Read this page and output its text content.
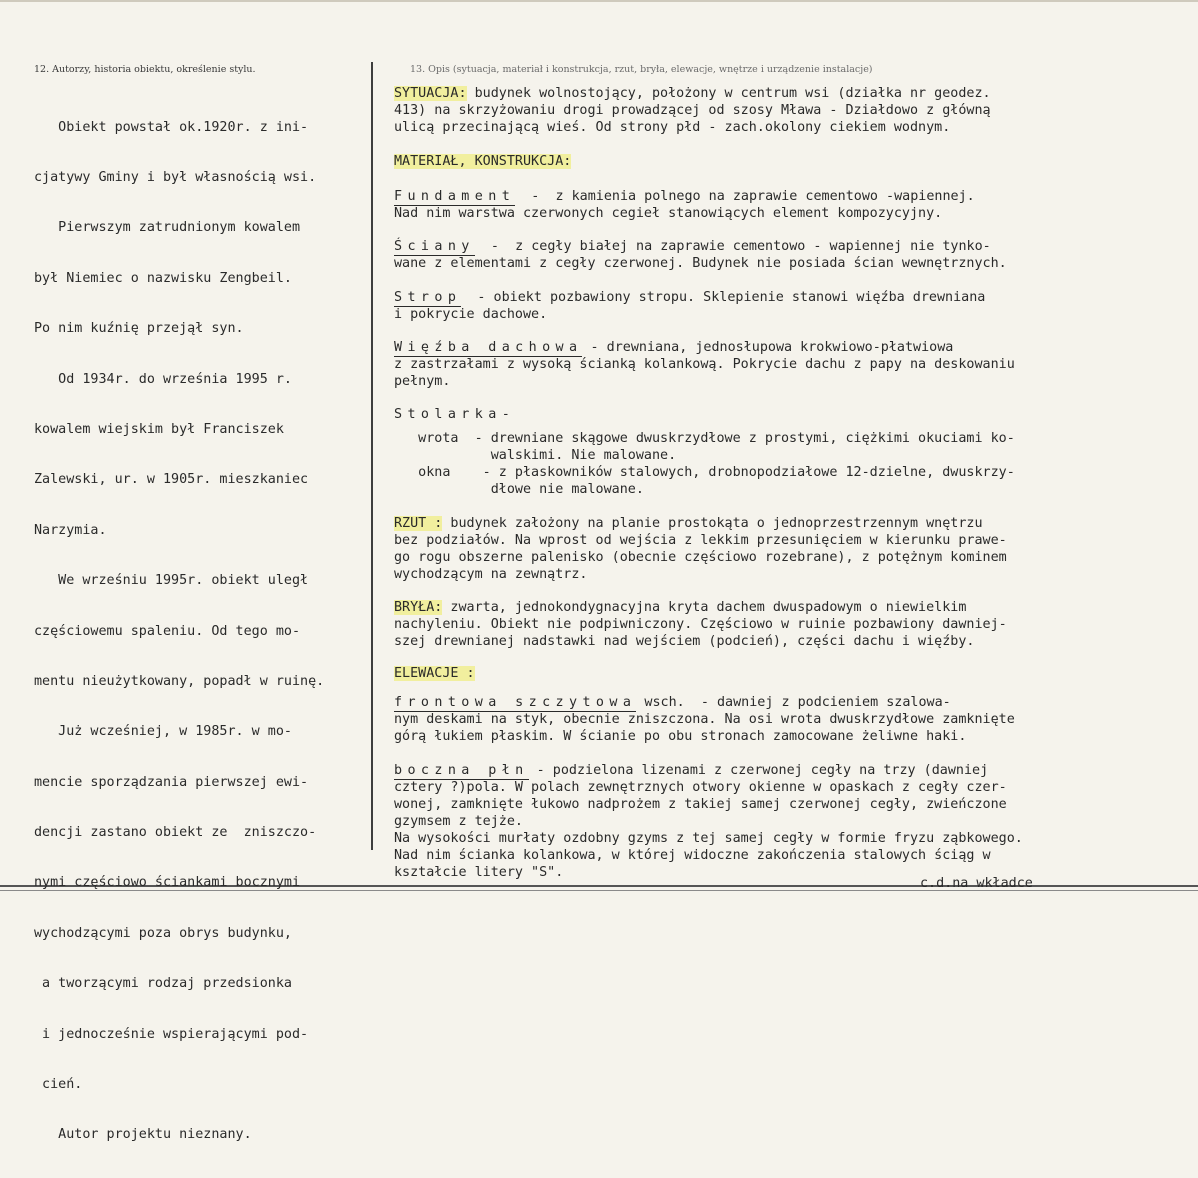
12. Autorzy, historia obiektu, określenie stylu.	13. Opis (sytuacja, materiał i konstrukcja, rzut, bryła, elewacje, wnętrze i urządzenie instalacje)

Obiekt powstał ok.1920r. z ini-

cjatywy Gminy i był własnością wsi.

Pierwszym zatrudnionym kowalem

był Niemiec o nazwisku Zengbeil.

Po nim kuźnię przejął syn.

Od 1934r. do września 1995 r.

kowalem wiejskim był Franciszek

Zalewski, ur. w 1905r. mieszkaniec

Narzymia.

We wrześniu 1995r. obiekt uległ

częściowemu spaleniu. Od tego mo-

mentu nieużytkowany, popadł w ruinę.

Już wcześniej, w 1985r. w mo-

mencie sporządzania pierwszej ewi-

dencji zastano obiekt ze  zniszczo-

nymi częściowo ściankami bocznymi

wychodzącymi poza obrys budynku,

a tworzącymi rodzaj przedsionka

i jednocześnie wspierającymi pod-

cień.

Autor projektu nieznany.

SYTUACJA: budynek wolnostojący, położony w centrum wsi (działka nr geodez.
413) na skrzyżowaniu drogi prowadzącej od szosy Mława - Działdowo z główną
ulicą przecinającą wieś. Od strony płd - zach.okolony ciekiem wodnym.
MATERIAŁ, KONSTRUKCJA:
Fundament  -  z kamienia polnego na zaprawie cementowo -wapiennej.
Nad nim warstwa czerwonych cegieł stanowiących element kompozycyjny.
Ściany  -  z cegły białej na zaprawie cementowo - wapiennej nie tynko-
wane z elementami z cegły czerwonej. Budynek nie posiada ścian wewnętrznych.
Strop  - obiekt pozbawiony stropu. Sklepienie stanowi więźba drewniana
i pokrycie dachowe.
Więźba dachowa - drewniana, jednosłupowa krokwiowo-płatwiowa
z zastrzałami z wysoką ścianką kolankową. Pokrycie dachu z papy na deskowaniu
pełnym.
Stolarka-
wrota  - drewniane skągowe dwuskrzydłowe z prostymi, ciężkimi okuciami ko-
walskimi. Nie malowane.
okna    - z płaskowników stalowych, drobnopodziałowe 12-dzielne, dwuskrzy-
dłowe nie malowane.
RZUT : budynek założony na planie prostokąta o jednoprzestrzennym wnętrzu
bez podziałów. Na wprost od wejścia z lekkim przesunięciem w kierunku prawe-
go rogu obszerne palenisko (obecnie częściowo rozebrane), z potężnym kominem
wychodzącym na zewnątrz.
BRYŁA: zwarta, jednokondygnacyjna kryta dachem dwuspadowym o niewielkim
nachyleniu. Obiekt nie podpiwniczony. Częściowo w ruinie pozbawiony dawniej-
szej drewnianej nadstawki nad wejściem (podcień), części dachu i więźby.
ELEWACJE :
frontowa szczytowa wsch.  - dawniej z podcieniem szalowa-
nym deskami na styk, obecnie zniszczona. Na osi wrota dwuskrzydłowe zamknięte
górą łukiem płaskim. W ścianie po obu stronach zamocowane żeliwne haki.
boczna płn - podzielona lizenami z czerwonej cegły na trzy (dawniej
cztery ?)pola. W polach zewnętrznych otwory okienne w opaskach z cegły czer-
wonej, zamknięte łukowo nadprożem z takiej samej czerwonej cegły, zwieńczone
gzymsem z tejże.
Na wysokości murłaty ozdobny gzyms z tej samej cegły w formie fryzu ząbkowego.
Nad nim ścianka kolankowa, w której widoczne zakończenia stalowych ściąg w
kształcie litery "S".
c.d.na wkładce
